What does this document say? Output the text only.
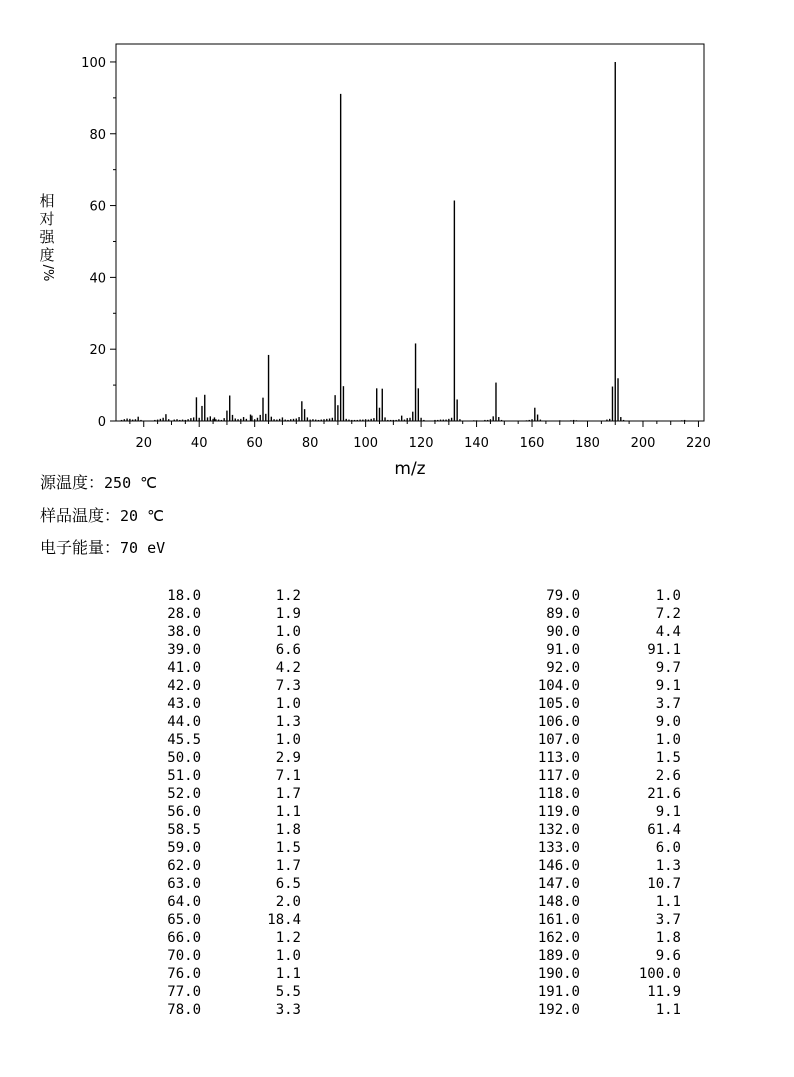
0
20
40
60
80
100
20	40	60	80	100 120 140 160 180 200 220
m/z
相
对
强
度
/%
源温度：250 ℃
样品温度：20 ℃
电子能量：70 eV
18.0	1.2
28.0	1.9
38.0	1.0
39.0	6.6
41.0	4.2
42.0	7.3
43.0	1.0
44.0	1.3
45.5	1.0
50.0	2.9
51.0	7.1
52.0	1.7
56.0	1.1
58.5	1.8
59.0	1.5
62.0	1.7
63.0	6.5
64.0	2.0
65.0	18.4
66.0	1.2
70.0	1.0
76.0	1.1
77.0	5.5
78.0	3.3
79.0	1.0
89.0	7.2
90.0	4.4
91.0	91.1
92.0	9.7
104.0	9.1
105.0	3.7
106.0	9.0
107.0	1.0
113.0	1.5
117.0	2.6
118.0	21.6
119.0	9.1
132.0	61.4
133.0	6.0
146.0	1.3
147.0	10.7
148.0	1.1
161.0	3.7
162.0	1.8
189.0	9.6
190.0	100.0
191.0	11.9
192.0	1.1
